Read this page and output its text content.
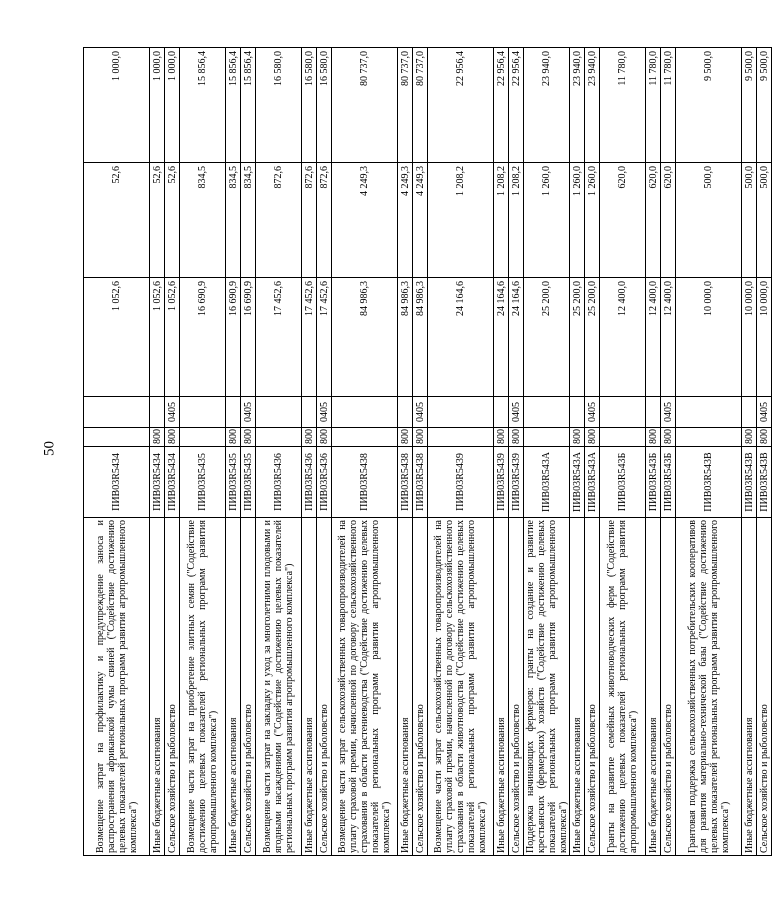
50
Возмещение затрат на профилактику и предупреждение заноса и распространения африканской чумы свиней ("Содействие достижению целевых показателей региональных программ развития агропромышленного комплекса")	ПИВ03R5434			1 052,6	52,6	1 000,0
Иные бюджетные ассигнования	ПИВ03R5434	800		1 052,6	52,6	1 000,0
Сельское хозяйство и рыболовство	ПИВ03R5434	800	0405	1 052,6	52,6	1 000,0
Возмещение части затрат на приобретение элитных семян ("Содействие достижению целевых показателей региональных программ развития агропромышленного комплекса")	ПИВ03R5435			16 690,9	834,5	15 856,4
Иные бюджетные ассигнования	ПИВ03R5435	800		16 690,9	834,5	15 856,4
Сельское хозяйство и рыболовство	ПИВ03R5435	800	0405	16 690,9	834,5	15 856,4
Возмещение части затрат на закладку и уход за многолетними плодовыми и ягодными насаждениями ("Содействие достижению целевых показателей региональных программ развития агропромышленного комплекса")	ПИВ03R5436			17 452,6	872,6	16 580,0
Иные бюджетные ассигнования	ПИВ03R5436	800		17 452,6	872,6	16 580,0
Сельское хозяйство и рыболовство	ПИВ03R5436	800	0405	17 452,6	872,6	16 580,0
Возмещение части затрат сельскохозяйственных товаропроизводителей на уплату страховой премии, начисленной по договору сельскохозяйственного страхования в области растениеводства ("Содействие достижению целевых показателей региональных программ развития агропромышленного комплекса")	ПИВ03R5438			84 986,3	4 249,3	80 737,0
Иные бюджетные ассигнования	ПИВ03R5438	800		84 986,3	4 249,3	80 737,0
Сельское хозяйство и рыболовство	ПИВ03R5438	800	0405	84 986,3	4 249,3	80 737,0
Возмещение части затрат сельскохозяйственных товаропроизводителей на уплату страховой премии, начисленной по договору сельскохозяйственного страхования в области животноводства ("Содействие достижению целевых показателей региональных программ развития агропромышленного комплекса")	ПИВ03R5439			24 164,6	1 208,2	22 956,4
Иные бюджетные ассигнования	ПИВ03R5439	800		24 164,6	1 208,2	22 956,4
Сельское хозяйство и рыболовство	ПИВ03R5439	800	0405	24 164,6	1 208,2	22 956,4
Поддержка начинающих фермеров: гранты на создание и развитие крестьянских (фермерских) хозяйств ("Содействие достижению целевых показателей региональных программ развития агропромышленного комплекса")	ПИВ03R543А			25 200,0	1 260,0	23 940,0
Иные бюджетные ассигнования	ПИВ03R543А	800		25 200,0	1 260,0	23 940,0
Сельское хозяйство и рыболовство	ПИВ03R543А	800	0405	25 200,0	1 260,0	23 940,0
Гранты на развитие семейных животноводческих ферм ("Содействие достижению целевых показателей региональных программ развития агропромышленного комплекса")	ПИВ03R543Б			12 400,0	620,0	11 780,0
Иные бюджетные ассигнования	ПИВ03R543Б	800		12 400,0	620,0	11 780,0
Сельское хозяйство и рыболовство	ПИВ03R543Б	800	0405	12 400,0	620,0	11 780,0
Грантовая поддержка сельскохозяйственных потребительских кооперативов для развития материально-технической базы ("Содействие достижению целевых показателей региональных программ развития агропромышленного комплекса")	ПИВ03R543В			10 000,0	500,0	9 500,0
Иные бюджетные ассигнования	ПИВ03R543В	800		10 000,0	500,0	9 500,0
Сельское хозяйство и рыболовство	ПИВ03R543В	800	0405	10 000,0	500,0	9 500,0
